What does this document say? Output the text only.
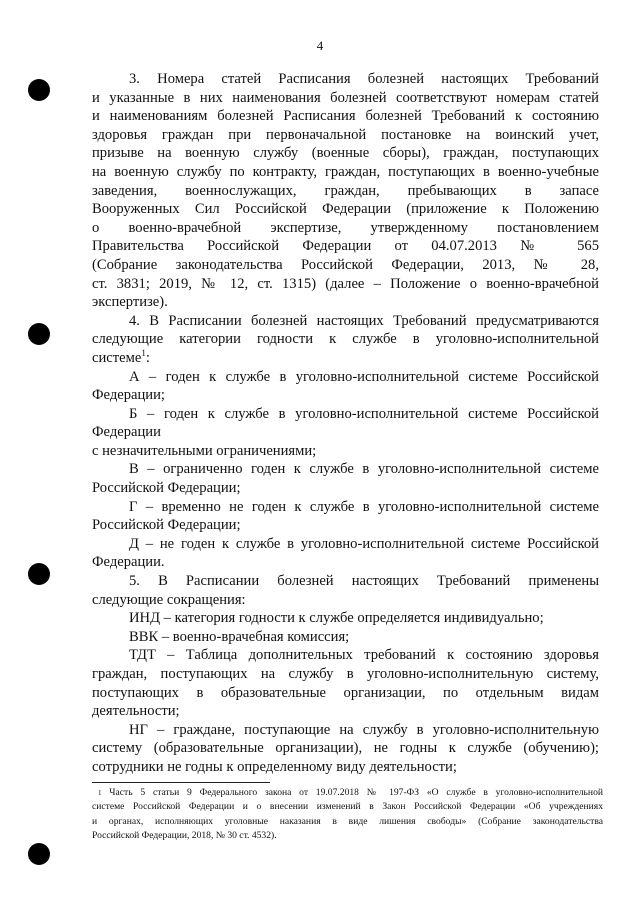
4

3. Номера статей Расписания болезней настоящих Требований
и указанные в них наименования болезней соответствуют номерам статей
и наименованиям болезней Расписания болезней Требований к состоянию
здоровья граждан при первоначальной постановке на воинский учет,
призыве на военную службу (военные сборы), граждан, поступающих
на военную службу по контракту, граждан, поступающих в военно-учебные
заведения, военнослужащих, граждан, пребывающих в запасе
Вооруженных Сил Российской Федерации (приложение к Положению
о военно-врачебной экспертизе, утвержденному постановлением
Правительства Российской Федерации от 04.07.2013 № 565
(Собрание законодательства Российской Федерации, 2013, № 28,
ст. 3831; 2019, № 12, ст. 1315) (далее – Положение о военно-врачебной
экспертизе).

4. В Расписании болезней настоящих Требований предусматриваются
следующие категории годности к службе в уголовно-исполнительной
системе$^1$:
А – годен к службе в уголовно-исполнительной системе Российской
Федерации;
Б – годен к службе в уголовно-исполнительной системе Российской
Федерации
с незначительными ограничениями;
В – ограниченно годен к службе в уголовно-исполнительной системе
Российской Федерации;
Г – временно не годен к службе в уголовно-исполнительной системе
Российской Федерации;
Д – не годен к службе в уголовно-исполнительной системе Российской
Федерации.
5. В Расписании болезней настоящих Требований применены
следующие сокращения:
ИНД – категория годности к службе определяется индивидуально;
ВВК – военно-врачебная комиссия;
ТДТ – Таблица дополнительных требований к состоянию здоровья
граждан, поступающих на службу в уголовно-исполнительную систему,
поступающих в образовательные организации, по отдельным видам
деятельности;
НГ – граждане, поступающие на службу в уголовно-исполнительную
систему (образовательные организации), не годны к службе (обучению);
сотрудники не годны к определенному виду деятельности;
$^1$ Часть 5 статьи 9 Федерального закона от 19.07.2018 № 197-ФЗ «О службе в уголовно-исполнительной
системе Российской Федерации и о внесении изменений в Закон Российской Федерации «Об учреждениях
и органах, исполняющих уголовные наказания в виде лишения свободы» (Собрание законодательства
Российской Федерации, 2018, № 30 ст. 4532).
